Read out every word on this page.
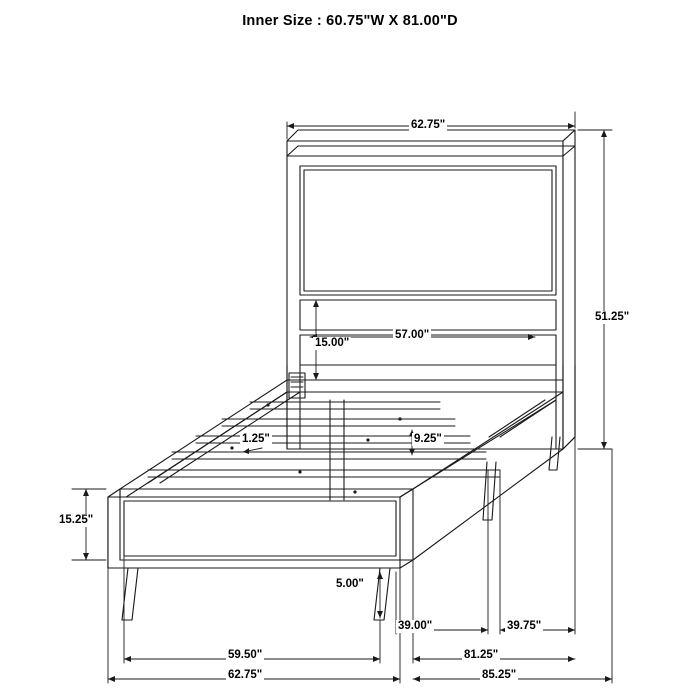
Inner Size : 60.75"W X 81.00"D
62.75"
51.25"
57.00"
15.00"
1.25"	9.25"
15.25"
5.00"
39.00"	39.75"
59.50"
62.75"
81.25"
85.25"
